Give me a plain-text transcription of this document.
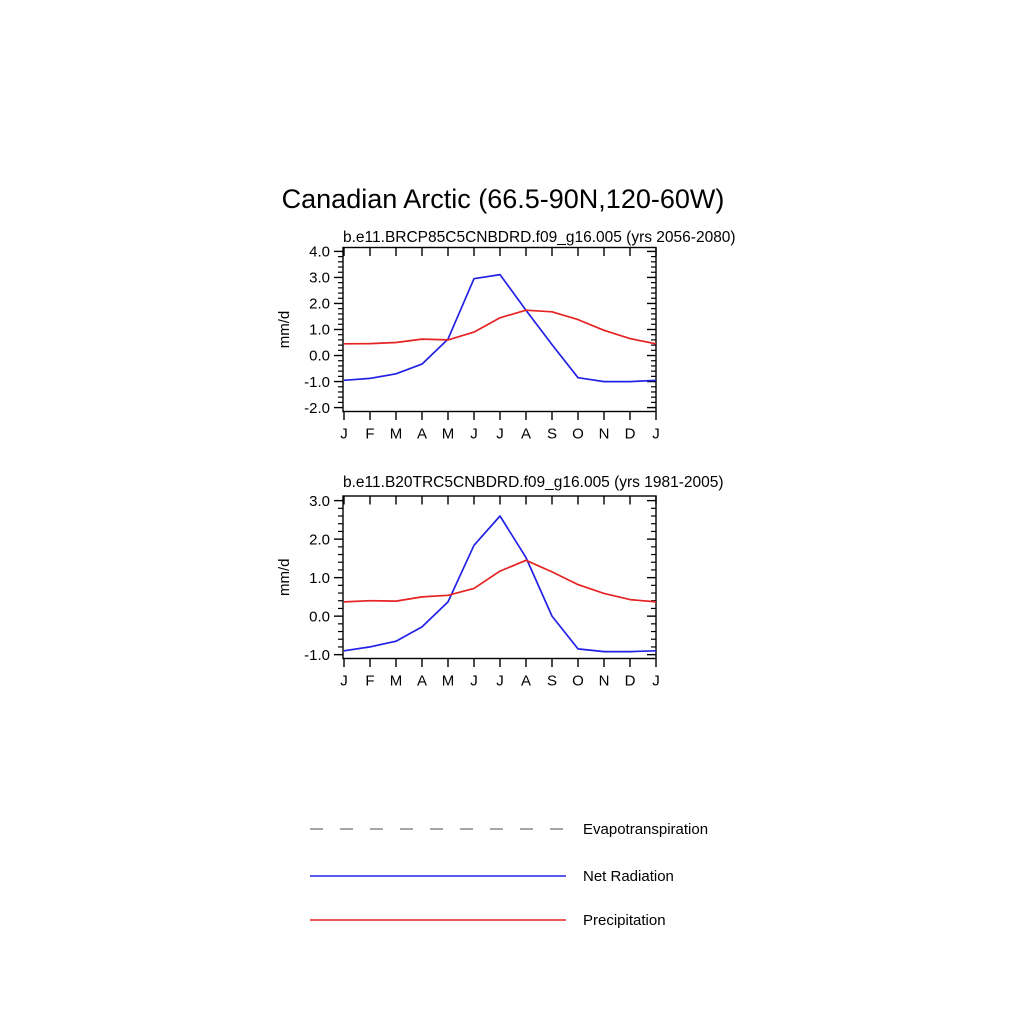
Canadian Arctic (66.5-90N,120-60W)
b.e11.BRCP85C5CNBDRD.f09_g16.005 (yrs 2056-2080)
J F M A M J J A S O N D J
4.0
3.0
2.0
1.0
0.0
-1.0
-2.0
mm/d
b.e11.B20TRC5CNBDRD.f09_g16.005 (yrs 1981-2005)
J F M A M J J A S O N D J
3.0
2.0
1.0
0.0
-1.0
mm/d
Evapotranspiration
Net Radiation
Precipitation
